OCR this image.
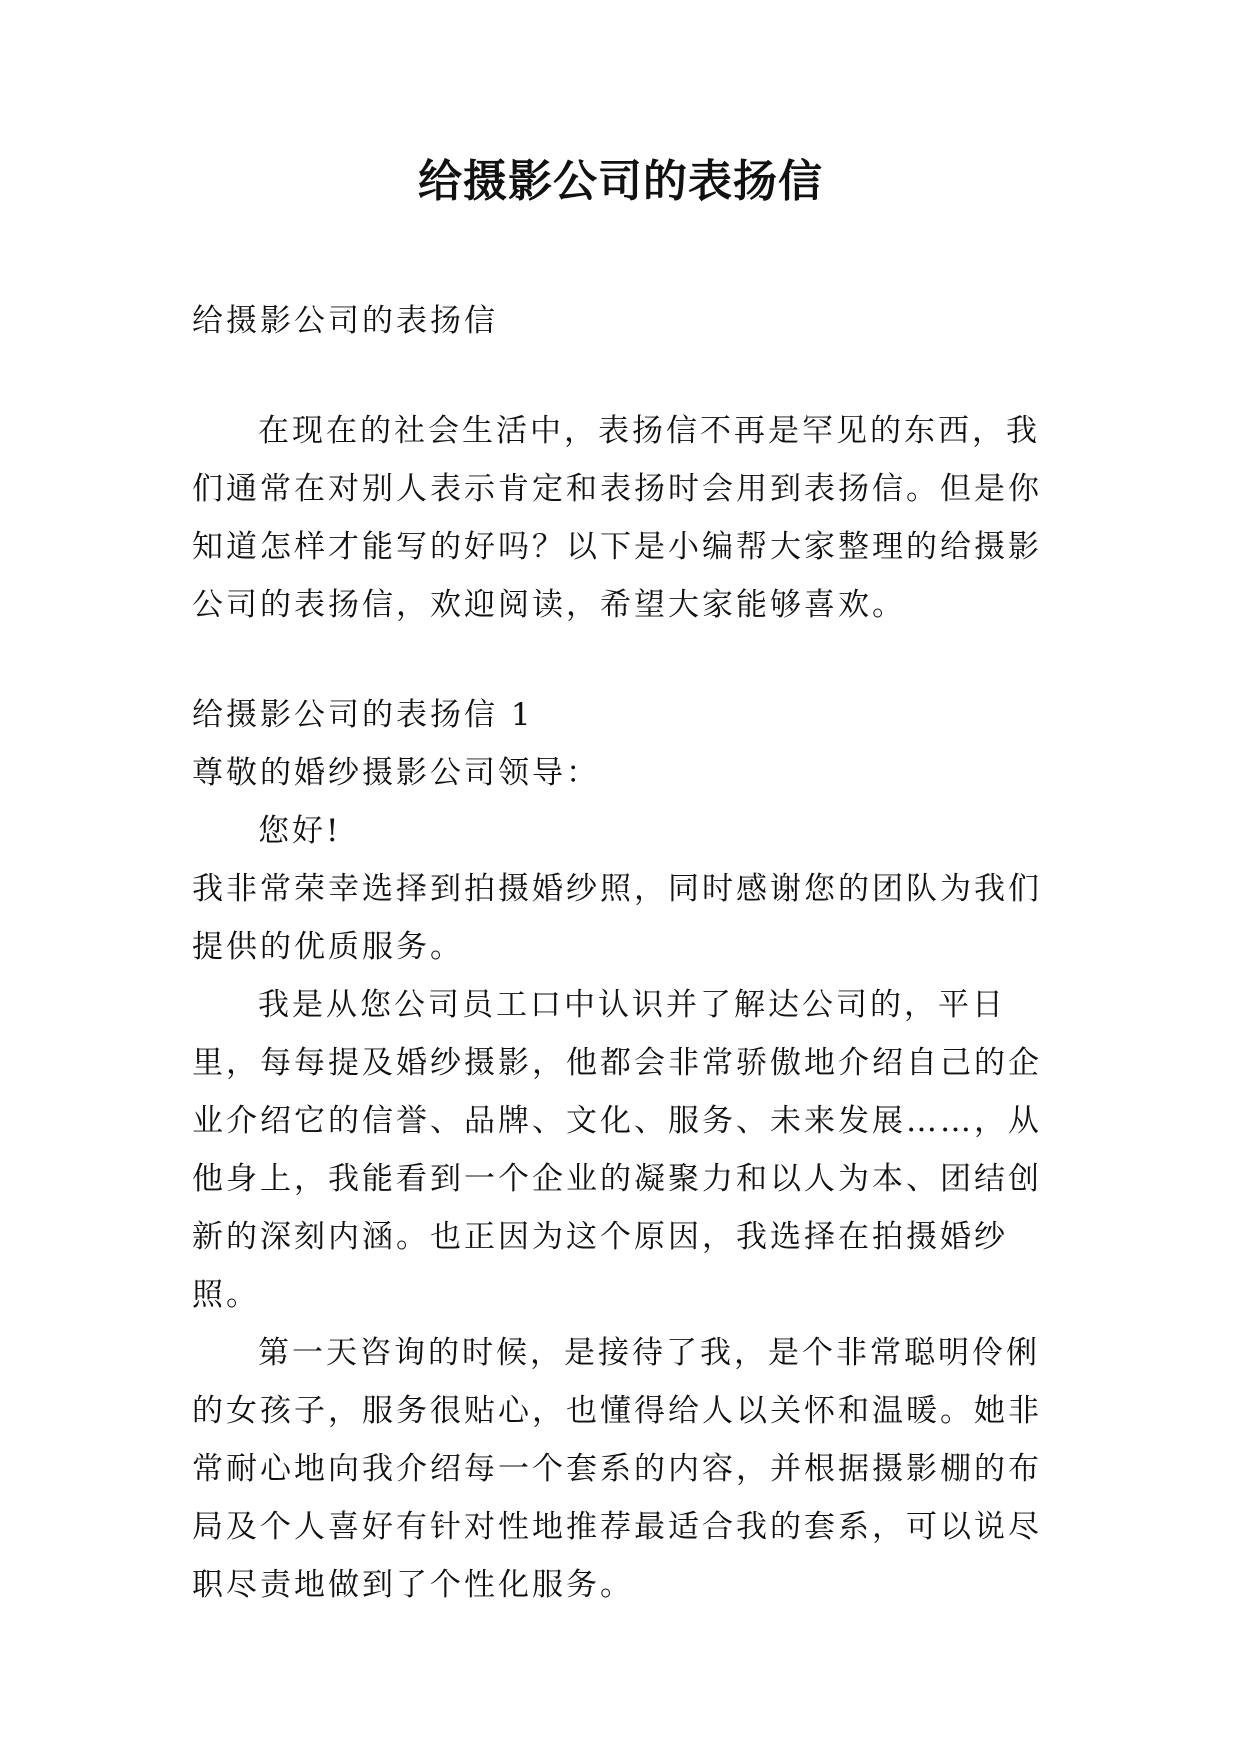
给摄影公司的表扬信

给摄影公司的表扬信

在现在的社会生活中，表扬信不再是罕见的东西，我们通常在对别人表示肯定和表扬时会用到表扬信。但是你知道怎样才能写的好吗？以下是小编帮大家整理的给摄影公司的表扬信，欢迎阅读，希望大家能够喜欢。

给摄影公司的表扬信 1

尊敬的婚纱摄影公司领导：

您好!

我非常荣幸选择到拍摄婚纱照，同时感谢您的团队为我们提供的优质服务。

我是从您公司员工口中认识并了解达公司的，平日里，每每提及婚纱摄影，他都会非常骄傲地介绍自己的企业介绍它的信誉、品牌、文化、服务、未来发展……，从他身上，我能看到一个企业的凝聚力和以人为本、团结创新的深刻内涵。也正因为这个原因，我选择在拍摄婚纱照。

第一天咨询的时候，是接待了我，是个非常聪明伶俐的女孩子，服务很贴心，也懂得给人以关怀和温暖。她非常耐心地向我介绍每一个套系的内容，并根据摄影棚的布局及个人喜好有针对性地推荐最适合我的套系，可以说尽职尽责地做到了个性化服务。
